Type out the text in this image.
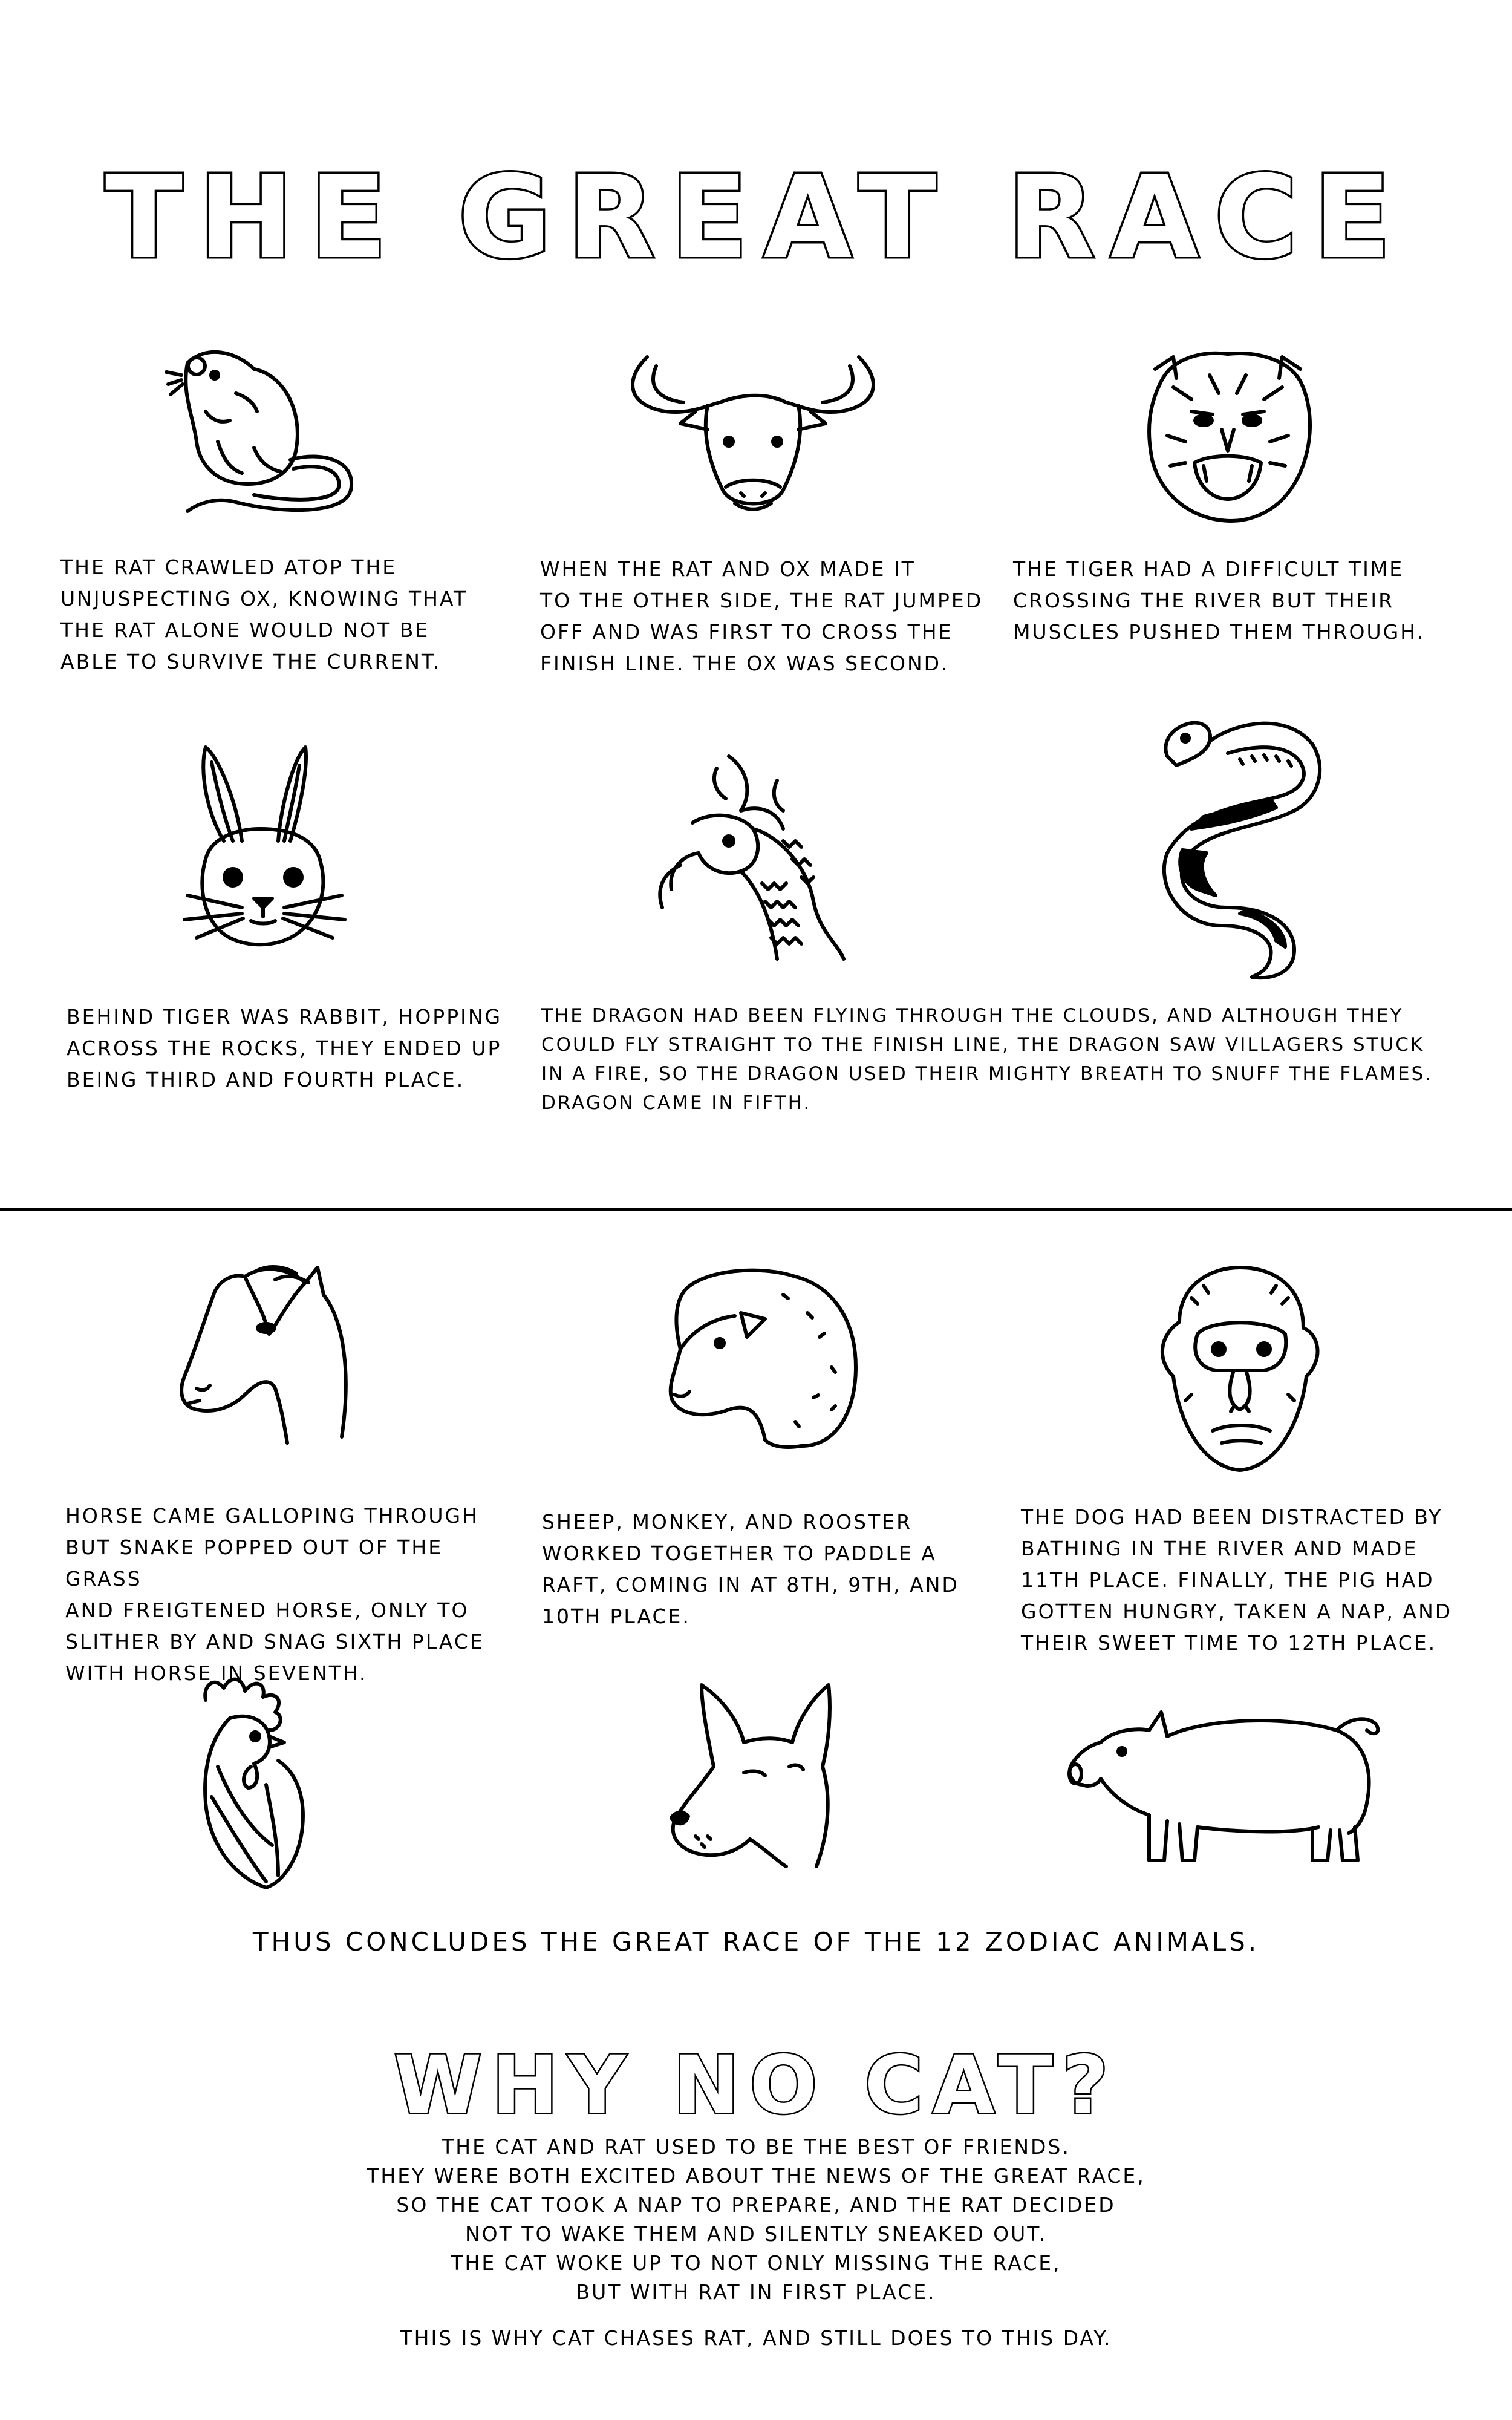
THE GREAT RACE

THE RAT CRAWLED ATOP THE
UNJUSPECTING OX, KNOWING THAT
THE RAT ALONE WOULD NOT BE
ABLE TO SURVIVE THE CURRENT.

WHEN THE RAT AND OX MADE IT
TO THE OTHER SIDE, THE RAT JUMPED
OFF AND WAS FIRST TO CROSS THE
FINISH LINE. THE OX WAS SECOND.

THE TIGER HAD A DIFFICULT TIME
CROSSING THE RIVER BUT THEIR
MUSCLES PUSHED THEM THROUGH.

BEHIND TIGER WAS RABBIT, HOPPING
ACROSS THE ROCKS, THEY ENDED UP
BEING THIRD AND FOURTH PLACE.

THE DRAGON HAD BEEN FLYING THROUGH THE CLOUDS, AND ALTHOUGH THEY
COULD FLY STRAIGHT TO THE FINISH LINE, THE DRAGON SAW VILLAGERS STUCK
IN A FIRE, SO THE DRAGON USED THEIR MIGHTY BREATH TO SNUFF THE FLAMES.
DRAGON CAME IN FIFTH.

HORSE CAME GALLOPING THROUGH
BUT SNAKE POPPED OUT OF THE GRASS
AND FREIGTENED HORSE, ONLY TO
SLITHER BY AND SNAG SIXTH PLACE
WITH HORSE IN SEVENTH.

SHEEP, MONKEY, AND ROOSTER
WORKED TOGETHER TO PADDLE A
RAFT, COMING IN AT 8TH, 9TH, AND
10TH PLACE.

THE DOG HAD BEEN DISTRACTED BY
BATHING IN THE RIVER AND MADE
11TH PLACE. FINALLY, THE PIG HAD
GOTTEN HUNGRY, TAKEN A NAP, AND
THEIR SWEET TIME TO 12TH PLACE.

THUS CONCLUDES THE GREAT RACE OF THE 12 ZODIAC ANIMALS.

WHY NO CAT?

THE CAT AND RAT USED TO BE THE BEST OF FRIENDS.
THEY WERE BOTH EXCITED ABOUT THE NEWS OF THE GREAT RACE,
SO THE CAT TOOK A NAP TO PREPARE, AND THE RAT DECIDED
NOT TO WAKE THEM AND SILENTLY SNEAKED OUT.
THE CAT WOKE UP TO NOT ONLY MISSING THE RACE,
BUT WITH RAT IN FIRST PLACE.

THIS IS WHY CAT CHASES RAT, AND STILL DOES TO THIS DAY.
